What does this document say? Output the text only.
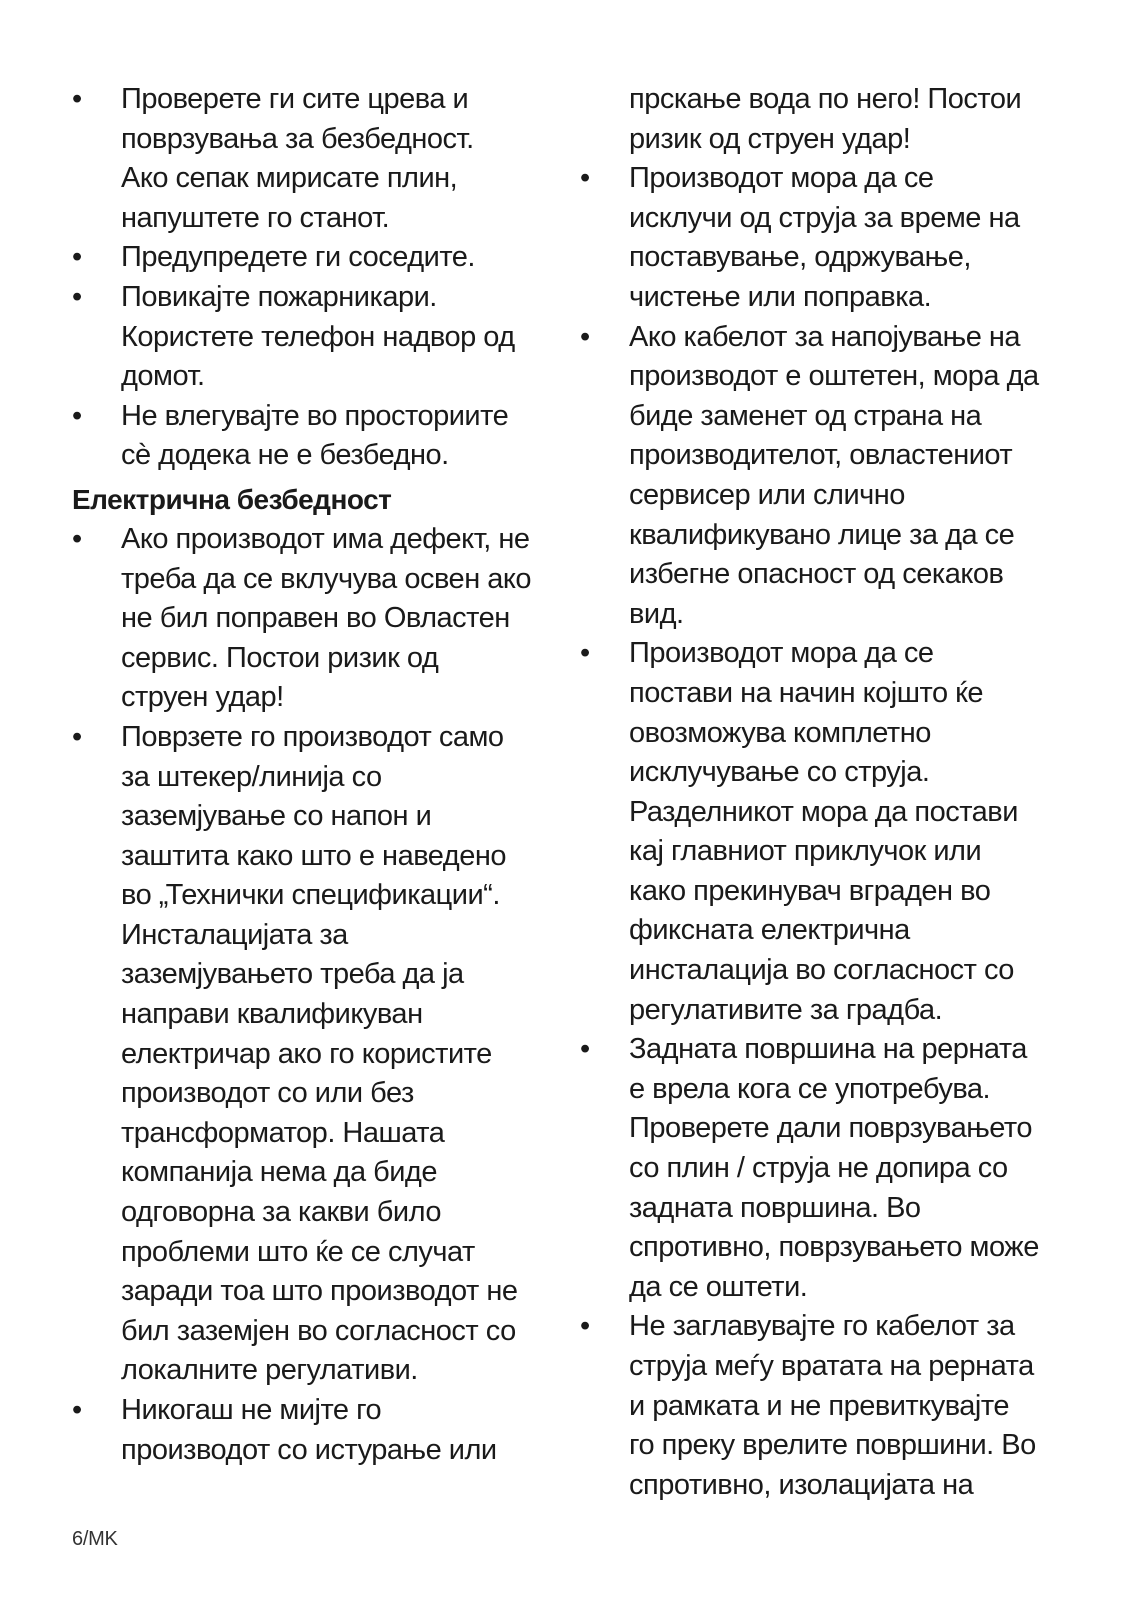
•	Проверете ги сите црева и
поврзувања за безбедност.
Ако сепак мирисате плин,
напуштете го станот.
•	Предупредете ги соседите.
•	Повикајте пожарникари.
Користете телефон надвор од
домот.
•	Не влегувајте во просториите
сѐ додека не е безбедно.
Електрична безбедност
•	Ако производот има дефект, не
треба да се вклучува освен ако
не бил поправен во Овластен
сервис. Постои ризик од
струен удар!
•	Поврзете го производот само
за штекер/линија со
заземјување со напон и
заштита како што е наведено
во „Технички спецификации“.
Инсталацијата за
заземјувањето треба да ја
направи квалификуван
електричар ако го користите
производот со или без
трансформатор. Нашата
компанија нема да биде
одговорна за какви било
проблеми што ќе се случат
заради тоа што производот не
бил заземјен во согласност со
локалните регулативи.
•	Никогаш не мијте го
производот со истурање или
прскање вода по него! Постои
ризик од струен удар!
•	Производот мора да се
исклучи од струја за време на
поставување, одржување,
чистење или поправка.
•	Ако кабелот за напојување на
производот е оштетен, мора да
биде заменет од страна на
производителот, овластениот
сервисер или слично
квалификувано лице за да се
избегне опасност од секаков
вид.
•	Производот мора да се
постави на начин којшто ќе
овозможува комплетно
исклучување со струја.
Разделникот мора да постави
кај главниот приклучок или
како прекинувач вграден во
фиксната електрична
инсталација во согласност со
регулативите за градба.
•	Задната површина на рерната
е врела кога се употребува.
Проверете дали поврзувањето
со плин / струја не допира со
задната површина. Во
спротивно, поврзувањето може
да се оштети.
•	Не заглавувајте го кабелот за
струја меѓу вратата на рерната
и рамката и не превиткувајте
го преку врелите површини. Во
спротивно, изолацијата на
6/MK
